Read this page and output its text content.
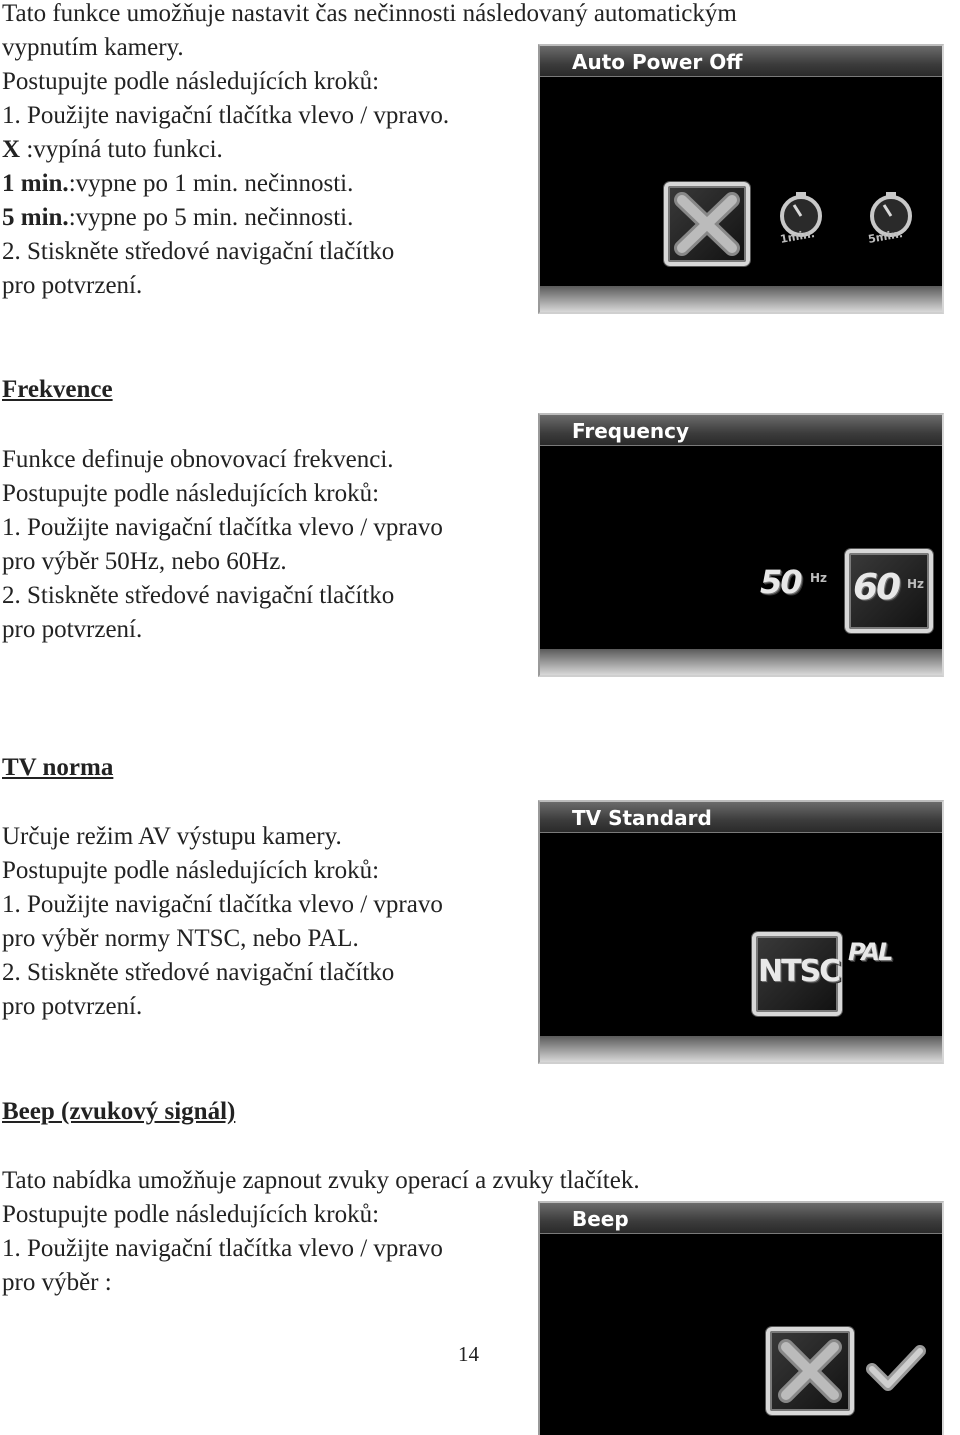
Tato funkce umožňuje nastavit čas nečinnosti následovaný automatickým

vypnutím kamery.

Postupujte podle následujících kroků:

1. Použijte navigační tlačítka vlevo / vpravo.

X :vypíná tuto funkci.

1 min.:vypne po 1 min. nečinnosti.

5 min.:vypne po 5 min. nečinnosti.

2. Stiskněte středové navigační tlačítko

pro potvrzení.

Auto Power Off
1min.	5min.

Frekvence

Funkce definuje obnovovací frekvenci.

Postupujte podle následujících kroků:

1. Použijte navigační tlačítka vlevo / vpravo

pro výběr 50Hz, nebo 60Hz.

2. Stiskněte středové navigační tlačítko

pro potvrzení.

Frequency
50 Hz 60 Hz

TV norma

Určuje režim AV výstupu kamery.

Postupujte podle následujících kroků:

1. Použijte navigační tlačítka vlevo / vpravo

pro výběr normy NTSC, nebo PAL.

2. Stiskněte středové navigační tlačítko

pro potvrzení.

TV Standard
NTSC
PAL

Beep (zvukový signál)

Tato nabídka umožňuje zapnout zvuky operací a zvuky tlačítek.

Postupujte podle následujících kroků:

1. Použijte navigační tlačítka vlevo / vpravo

pro výběr :

Beep
14
